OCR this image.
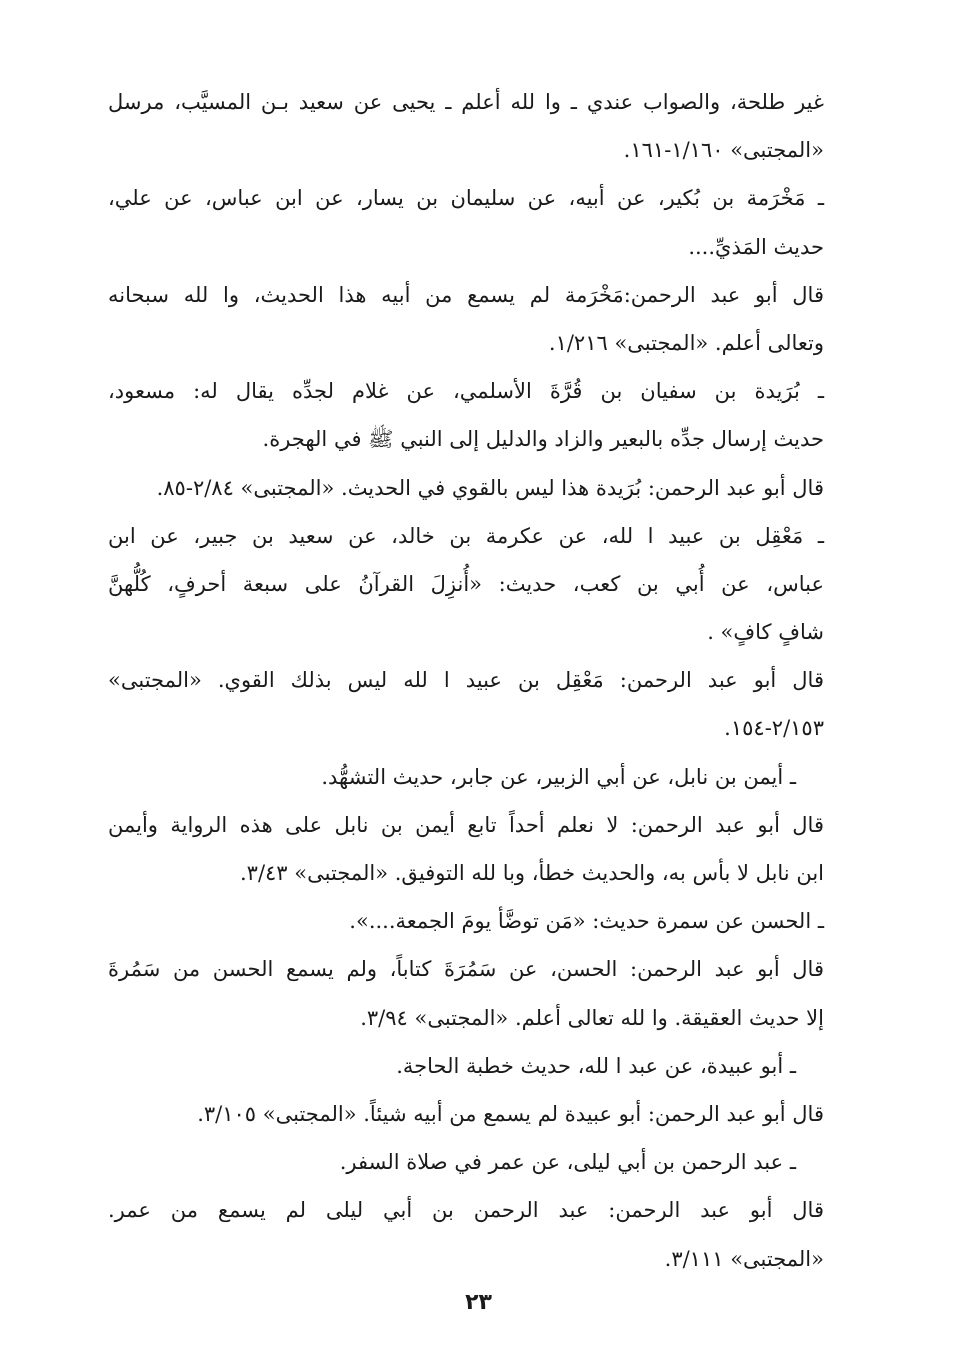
غير طلحة، والصواب عندي ـ وا لله أعلم ـ يحيى عن سعيد بـن المسيَّب، مرسل
«المجتبى» ١/١٦٠-١٦١.
ـ مَخْرَمة بن بُكير، عن أبيه، عن سليمان بن يسار، عن ابن عباس، عن علي،
حديث المَذيِّ....
قال أبو عبد الرحمن:مَخْرَمة لم يسمع من أبيه هذا الحديث، وا لله سبحانه
وتعالى أعلم. «المجتبى» ١/٢١٦.
ـ بُرَيدة بن سفيان بن قُرَّةَ الأسلمي، عن غلام لجدِّه يقال له: مسعود،
حديث إرسال جدِّه بالبعير والزاد والدليل إلى النبي ﷺ في الهجرة.
قال أبو عبد الرحمن: بُرَيدة هذا ليس بالقوي في الحديث. «المجتبى» ٢/٨٤-٨٥.
ـ مَعْقِل بن عبيد ا لله، عن عكرمة بن خالد، عن سعيد بن جبير، عن ابن
عباس، عن أُبي بن كعب، حديث: «أُنزِلَ القرآنُ على سبعة أحرفٍ، كُلُّهنَّ
شافٍ كافٍ» .
قال أبو عبد الرحمن: مَعْقِل بن عبيد ا لله ليس بذلك القوي. «المجتبى»
٢/١٥٣-١٥٤.
ـ أيمن بن نابل، عن أبي الزبير، عن جابر، حديث التشهُّد.
قال أبو عبد الرحمن: لا نعلم أحداً تابع أيمن بن نابل على هذه الرواية وأيمن
ابن نابل لا بأس به، والحديث خطأ، وبا لله التوفيق. «المجتبى» ٣/٤٣.
ـ الحسن عن سمرة حديث: «مَن توضَّأ يومَ الجمعة....».
قال أبو عبد الرحمن: الحسن، عن سَمُرَةَ كتاباً، ولم يسمع الحسن من سَمُرةَ
إلا حديث العقيقة. وا لله تعالى أعلم. «المجتبى» ٣/٩٤.
ـ أبو عبيدة، عن عبد ا لله، حديث خطبة الحاجة.
قال أبو عبد الرحمن: أبو عبيدة لم يسمع من أبيه شيئاً. «المجتبى» ٣/١٠٥.
ـ عبد الرحمن بن أبي ليلى، عن عمر في صلاة السفر.
قال أبو عبد الرحمن: عبد الرحمن بن أبي ليلى لم يسمع من عمر.
«المجتبى» ٣/١١١.
٢٣
